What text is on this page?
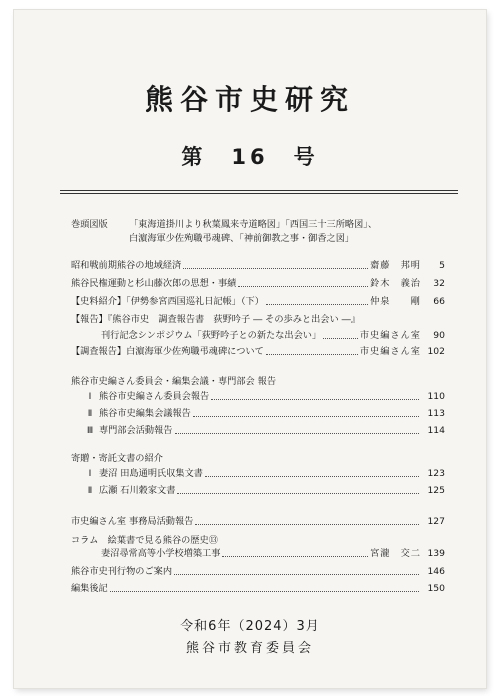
熊谷市史研究
第　16　号
巻頭図版 「東海道掛川より秋葉鳳来寺道略図」「西国三十三所略図」、
白濵海軍少佐殉職弔魂碑、「神前御教之事・御香之図」
昭和戦前期熊谷の地域経済	齋藤　邦明	5
熊谷民権運動と杉山藤次郎の思想・事績	鈴木　義治	32
【史料紹介】「伊勢参宮西国巡礼日記帳」（下）	仲泉　　剛	66
【報告】『熊谷市史　調査報告書　荻野吟子 ― その歩みと出会い ―』
刊行記念シンポジウム「荻野吟子との新たな出会い」	市史編さん室	90
【調査報告】白濵海軍少佐殉職弔魂碑について	市史編さん室 102
熊谷市史編さん委員会・編集会議・専門部会 報告
Ⅰ 熊谷市史編さん委員会報告	110
Ⅱ 熊谷市史編集会議報告	113
Ⅲ 専門部会活動報告	114
寄贈・寄託文書の紹介
Ⅰ 妻沼 田島通明氏収集文書	123
Ⅱ 広瀬 石川穀家文書	125
市史編さん室 事務局活動報告	127
コラム　絵葉書で見る熊谷の歴史⑬
妻沼尋常高等小学校増築工事	宮瀧　交二 139
熊谷市史刊行物のご案内	146
編集後記	150
令和6年（2024）3月
熊谷市教育委員会
